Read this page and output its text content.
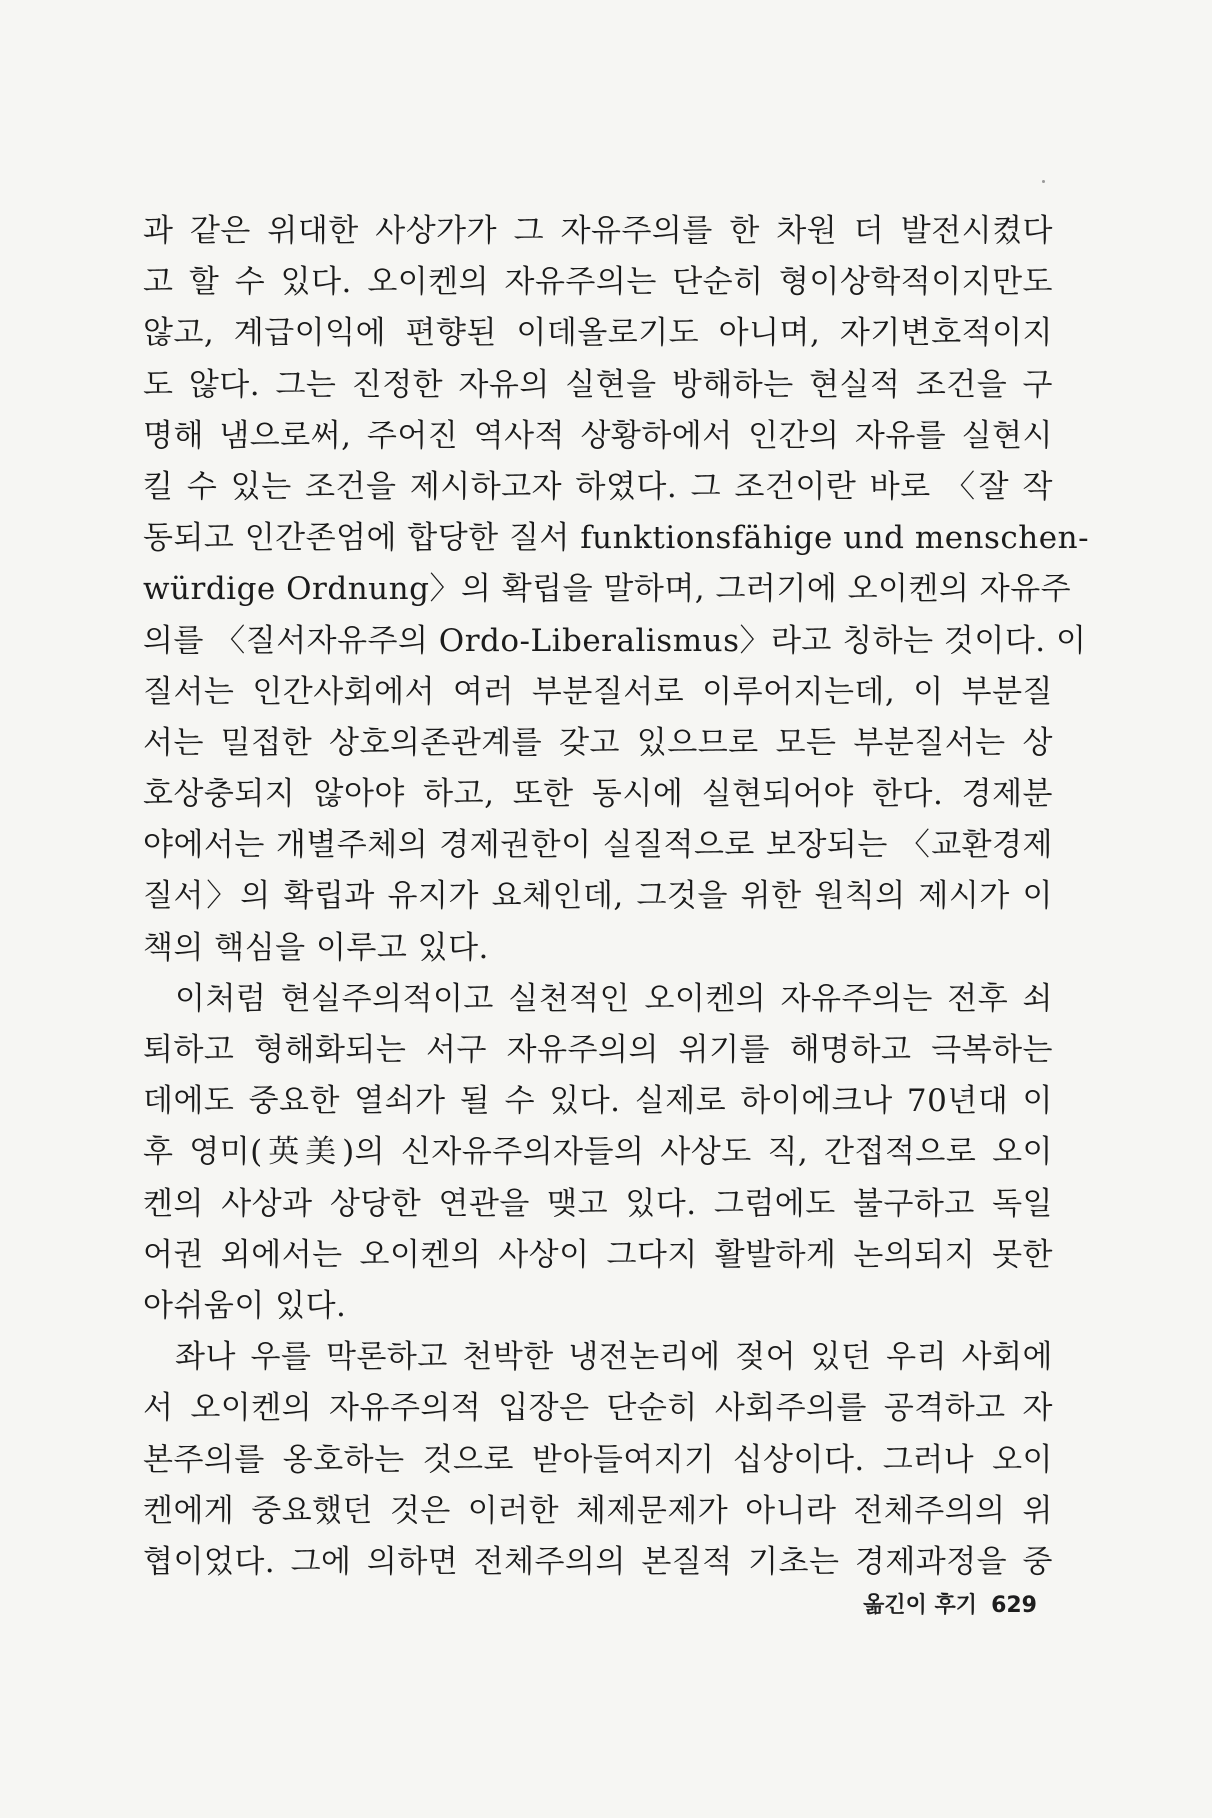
과 같은 위대한 사상가가 그 자유주의를 한 차원 더 발전시켰다
고 할 수 있다. 오이켄의 자유주의는 단순히 형이상학적이지만도
않고, 계급이익에 편향된 이데올로기도 아니며, 자기변호적이지
도 않다. 그는 진정한 자유의 실현을 방해하는 현실적 조건을 구
명해 냄으로써, 주어진 역사적 상황하에서 인간의 자유를 실현시
킬 수 있는 조건을 제시하고자 하였다. 그 조건이란 바로 〈잘 작
동되고 인간존엄에 합당한 질서 funktionsfähige und menschen-
würdige Ordnung〉의 확립을 말하며, 그러기에 오이켄의 자유주
의를 〈질서자유주의 Ordo-Liberalismus〉라고 칭하는 것이다. 이
질서는 인간사회에서 여러 부분질서로 이루어지는데, 이 부분질
서는 밀접한 상호의존관계를 갖고 있으므로 모든 부분질서는 상
호상충되지 않아야 하고, 또한 동시에 실현되어야 한다. 경제분
야에서는 개별주체의 경제권한이 실질적으로 보장되는 〈교환경제
질서〉의 확립과 유지가 요체인데, 그것을 위한 원칙의 제시가 이
책의 핵심을 이루고 있다.
이처럼 현실주의적이고 실천적인 오이켄의 자유주의는 전후 쇠
퇴하고 형해화되는 서구 자유주의의 위기를 해명하고 극복하는
데에도 중요한 열쇠가 될 수 있다. 실제로 하이에크나 70년대 이
후 영미(英美)의 신자유주의자들의 사상도 직, 간접적으로 오이
켄의 사상과 상당한 연관을 맺고 있다. 그럼에도 불구하고 독일
어권 외에서는 오이켄의 사상이 그다지 활발하게 논의되지 못한
아쉬움이 있다.
좌나 우를 막론하고 천박한 냉전논리에 젖어 있던 우리 사회에
서 오이켄의 자유주의적 입장은 단순히 사회주의를 공격하고 자
본주의를 옹호하는 것으로 받아들여지기 십상이다. 그러나 오이
켄에게 중요했던 것은 이러한 체제문제가 아니라 전체주의의 위
협이었다. 그에 의하면 전체주의의 본질적 기초는 경제과정을 중
옮긴이 후기 629
